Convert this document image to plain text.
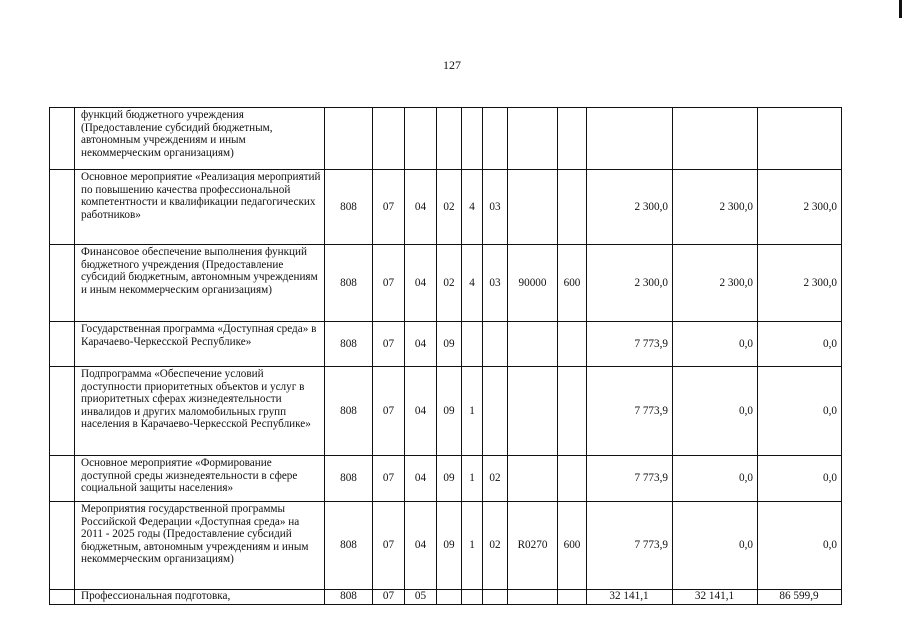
127
	функций бюджетного учреждения (Предоставление субсидий бюджетным, автономным учреждениям и иным некоммерческим организациям)											
	Основное мероприятие «Реализация мероприятий по повышению качества профессиональной компетентности и квалификации педагогических работников»	808	07	04	02	4	03			2 300,0	2 300,0	2 300,0
	Финансовое обеспечение выполнения функций бюджетного учреждения (Предоставление субсидий бюджетным, автономным учреждениям и иным некоммерческим организациям)	808	07	04	02	4	03	90000	600	2 300,0	2 300,0	2 300,0
	Государственная программа «Доступная среда» в Карачаево-Черкесской Республике»	808	07	04	09					7 773,9	0,0	0,0
	Подпрограмма «Обеспечение условий доступности приоритетных объектов и услуг в приоритетных сферах жизнедеятельности инвалидов и других маломобильных групп населения в Карачаево-Черкесской Республике»	808	07	04	09	1				7 773,9	0,0	0,0
	Основное мероприятие «Формирование доступной среды жизнедеятельности в сфере социальной защиты населения»	808	07	04	09	1	02			7 773,9	0,0	0,0
	Мероприятия государственной программы Российской Федерации «Доступная среда» на 2011 - 2025 годы (Предоставление субсидий бюджетным, автономным учреждениям и иным некоммерческим организациям)	808	07	04	09	1	02	R0270	600	7 773,9	0,0	0,0
	Профессиональная подготовка,	808	07	05						32 141,1	32 141,1	86 599,9
